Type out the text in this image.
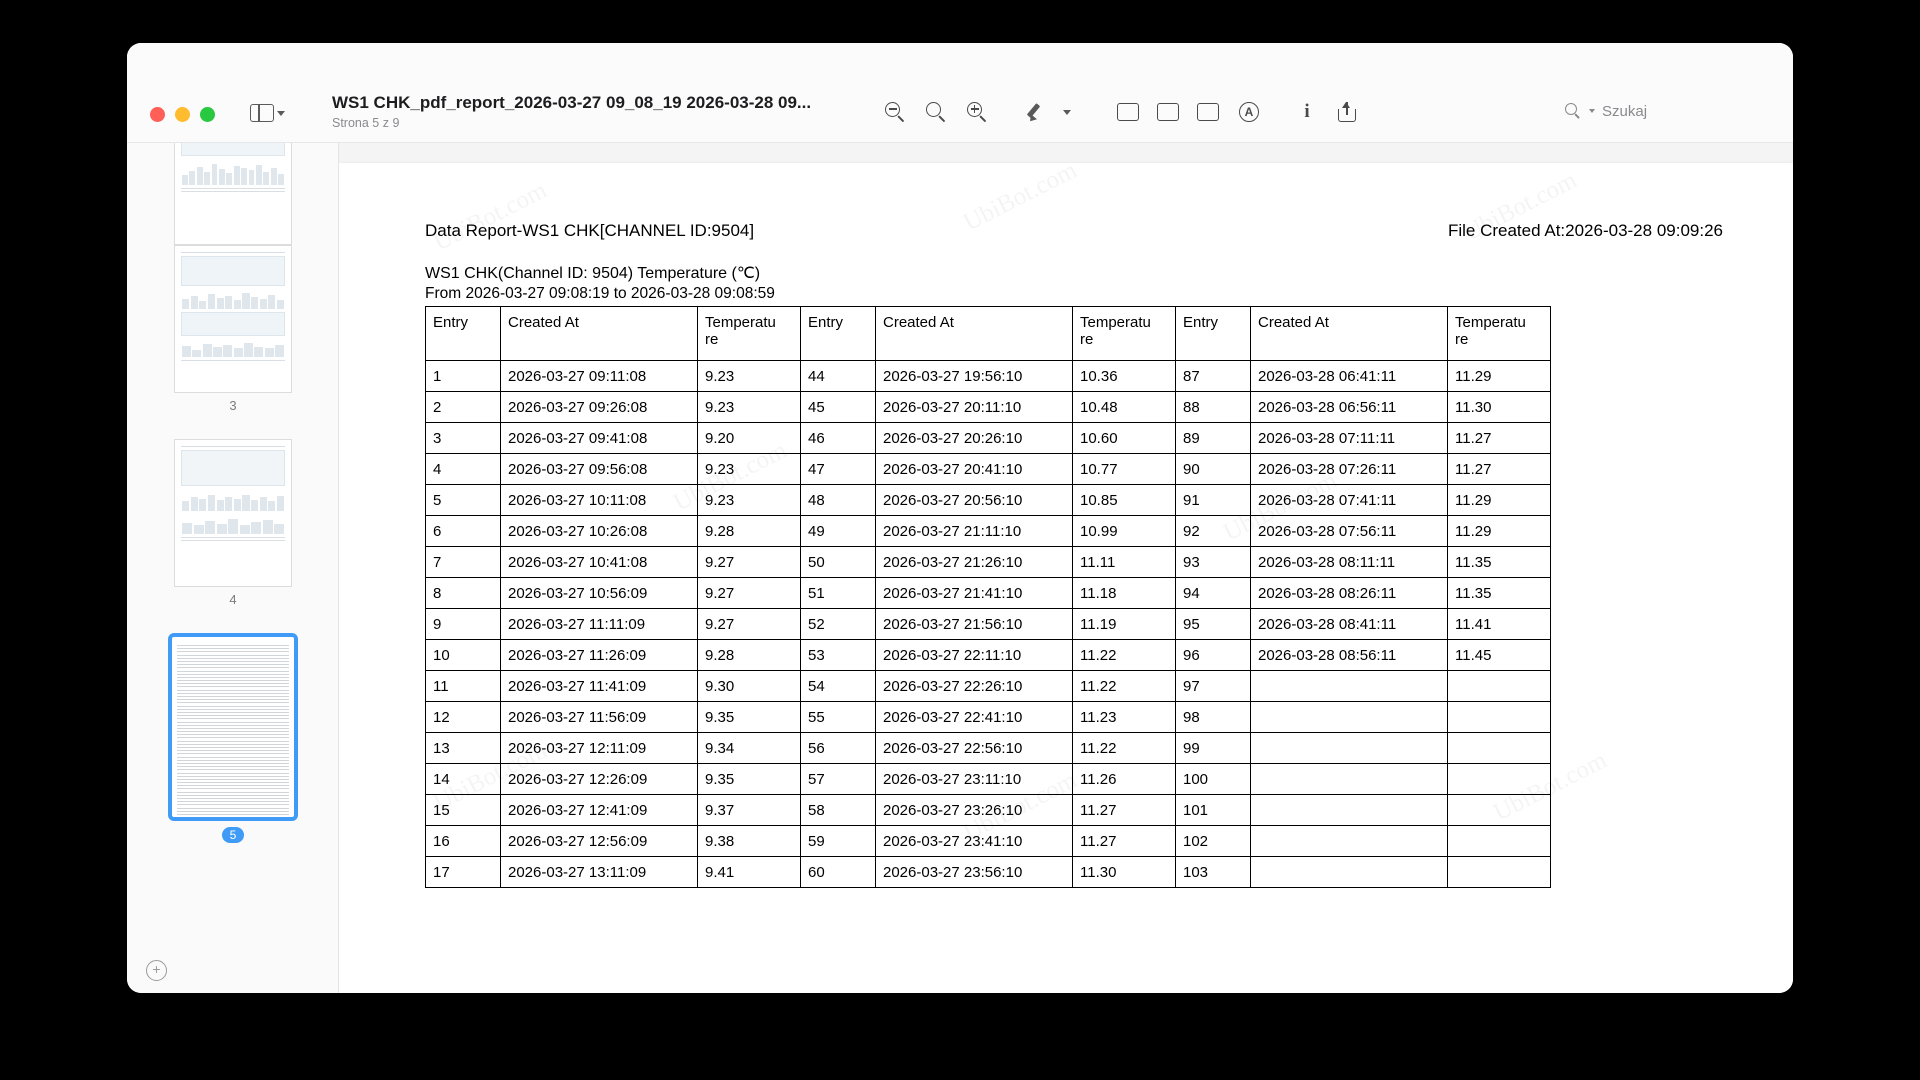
WS1 CHK_pdf_report_2026-03-27 09_08_19 2026-03-28 09...
Strona 5 z 9
A	i	Szukaj
3
4
5
+
Data Report-WS1 CHK[CHANNEL ID:9504]	File Created At:2026-03-28 09:09:26
WS1 CHK(Channel ID: 9504) Temperature (℃)
From 2026-03-27 09:08:19 to 2026-03-28 09:08:59
Entry	Created At	Temperatu re	Entry	Created At	Temperatu re	Entry	Created At	Temperatu re
1	2026-03-27 09:11:08	9.23	44	2026-03-27 19:56:10	10.36	87	2026-03-28 06:41:11	11.29
2	2026-03-27 09:26:08	9.23	45	2026-03-27 20:11:10	10.48	88	2026-03-28 06:56:11	11.30
3	2026-03-27 09:41:08	9.20	46	2026-03-27 20:26:10	10.60	89	2026-03-28 07:11:11	11.27
4	2026-03-27 09:56:08	9.23	47	2026-03-27 20:41:10	10.77	90	2026-03-28 07:26:11	11.27
5	2026-03-27 10:11:08	9.23	48	2026-03-27 20:56:10	10.85	91	2026-03-28 07:41:11	11.29
6	2026-03-27 10:26:08	9.28	49	2026-03-27 21:11:10	10.99	92	2026-03-28 07:56:11	11.29
7	2026-03-27 10:41:08	9.27	50	2026-03-27 21:26:10	11.11	93	2026-03-28 08:11:11	11.35
8	2026-03-27 10:56:09	9.27	51	2026-03-27 21:41:10	11.18	94	2026-03-28 08:26:11	11.35
9	2026-03-27 11:11:09	9.27	52	2026-03-27 21:56:10	11.19	95	2026-03-28 08:41:11	11.41
10	2026-03-27 11:26:09	9.28	53	2026-03-27 22:11:10	11.22	96	2026-03-28 08:56:11	11.45
11	2026-03-27 11:41:09	9.30	54	2026-03-27 22:26:10	11.22	97		
12	2026-03-27 11:56:09	9.35	55	2026-03-27 22:41:10	11.23	98		
13	2026-03-27 12:11:09	9.34	56	2026-03-27 22:56:10	11.22	99		
14	2026-03-27 12:26:09	9.35	57	2026-03-27 23:11:10	11.26	100		
15	2026-03-27 12:41:09	9.37	58	2026-03-27 23:26:10	11.27	101		
16	2026-03-27 12:56:09	9.38	59	2026-03-27 23:41:10	11.27	102		
17	2026-03-27 13:11:09	9.41	60	2026-03-27 23:56:10	11.30	103		
